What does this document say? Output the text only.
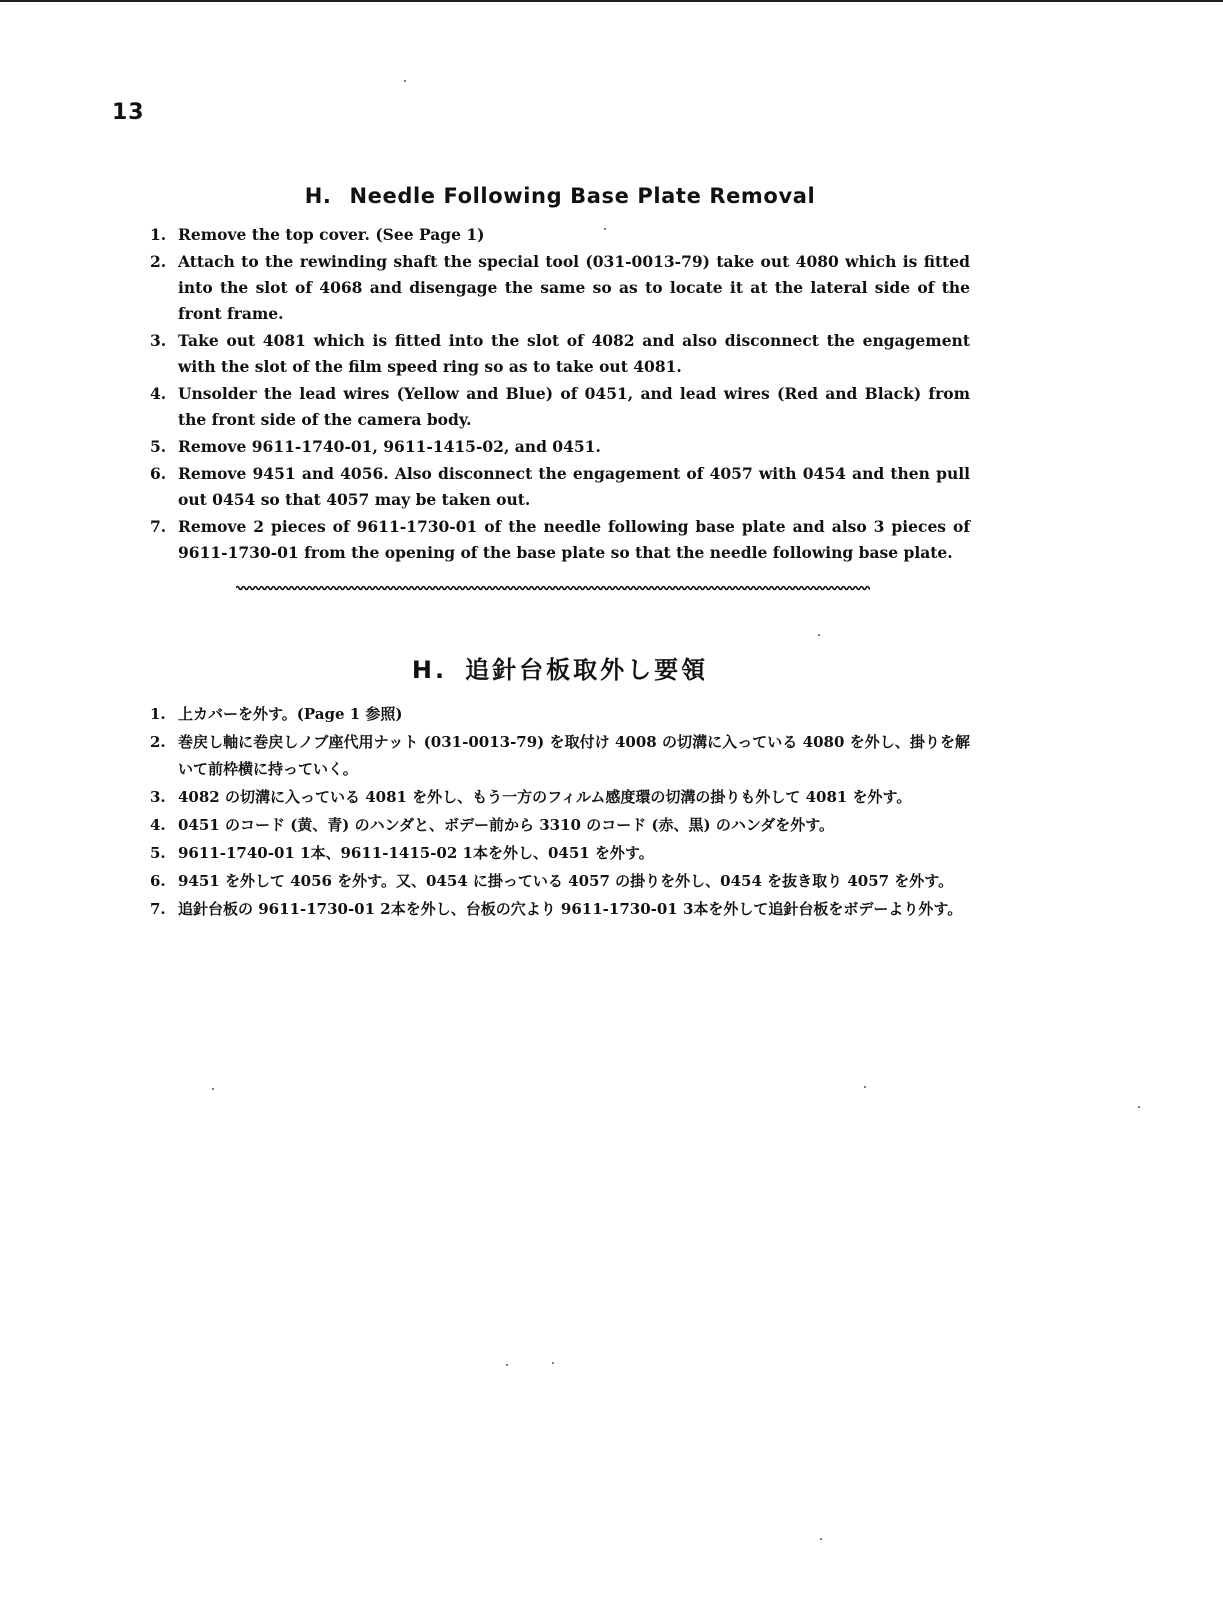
13
H. Needle Following Base Plate Removal
1. Remove the top cover. (See Page 1)
2. Attach to the rewinding shaft the special tool (031-0013-79) take out 4080 which is fitted into the slot of 4068 and disengage the same so as to locate it at the lateral side of the front frame.
3. Take out 4081 which is fitted into the slot of 4082 and also disconnect the engagement with the slot of the film speed ring so as to take out 4081.
4. Unsolder the lead wires (Yellow and Blue) of 0451, and lead wires (Red and Black) from the front side of the camera body.
5. Remove 9611-1740-01, 9611-1415-02, and 0451.
6. Remove 9451 and 4056. Also disconnect the engagement of 4057 with 0454 and then pull out 0454 so that 4057 may be taken out.
7. Remove 2 pieces of 9611-1730-01 of the needle following base plate and also 3 pieces of 9611-1730-01 from the opening of the base plate so that the needle following base plate.
H. 追針台板取外し要領
1. 上カバーを外す。(Page 1 参照)
2. 巻戻し軸に巻戻しノブ座代用ナット (031-0013-79) を取付け 4008 の切溝に入っている 4080 を外し、掛りを解いて前枠横に持っていく。
3. 4082 の切溝に入っている 4081 を外し、もう一方のフィルム感度環の切溝の掛りも外して 4081 を外す。
4. 0451 のコード (黄、青) のハンダと、ボデー前から 3310 のコード (赤、黒) のハンダを外す。
5. 9611-1740-01 1本、9611-1415-02 1本を外し、0451 を外す。
6. 9451 を外して 4056 を外す。又、0454 に掛っている 4057 の掛りを外し、0454 を抜き取り 4057 を外す。
7. 追針台板の 9611-1730-01 2本を外し、台板の穴より 9611-1730-01 3本を外して追針台板をボデーより外す。
